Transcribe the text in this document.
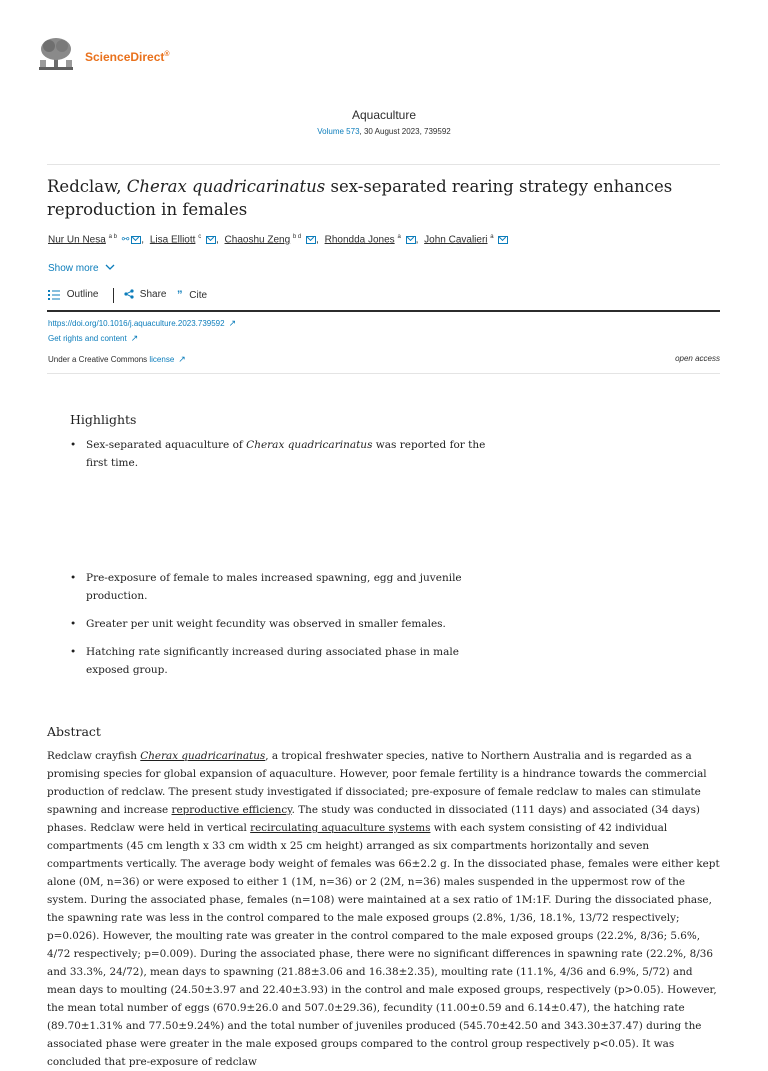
ScienceDirect®
Aquaculture
Volume 573, 30 August 2023, 739592
Redclaw, Cherax quadricarinatus sex-separated rearing strategy enhances reproduction in females
Nur Un Nesa $^{a b}$ ⚯ , Lisa Elliott $^c$ , Chaoshu Zeng $^{b d}$ , Rhondda Jones $^a$ , John Cavalieri $^a$
Show more
Outline	Share ” Cite
https://doi.org/10.1016/j.aquaculture.2023.739592 ↗
Get rights and content ↗
Under a Creative Commons license ↗	open access
Highlights
• Sex-separated aquaculture of Cherax quadricarinatus was reported for the first time.
• Pre-exposure of female to males increased spawning, egg and juvenile production.
• Greater per unit weight fecundity was observed in smaller females.
• Hatching rate significantly increased during associated phase in male exposed group.
Abstract
Redclaw crayfish Cherax quadricarinatus, a tropical freshwater species, native to Northern Australia and is regarded as a promising species for global expansion of aquaculture. However, poor female fertility is a hindrance towards the commercial production of redclaw. The present study investigated if dissociated; pre-exposure of female redclaw to males can stimulate spawning and increase reproductive efficiency. The study was conducted in dissociated (111 days) and associated (34 days) phases. Redclaw were held in vertical recirculating aquaculture systems with each system consisting of 42 individual compartments (45 cm length x 33 cm width x 25 cm height) arranged as six compartments horizontally and seven compartments vertically. The average body weight of females was 66±2.2 g. In the dissociated phase, females were either kept alone (0M, n=36) or were exposed to either 1 (1M, n=36) or 2 (2M, n=36) males suspended in the uppermost row of the system. During the associated phase, females (n=108) were maintained at a sex ratio of 1M:1F. During the dissociated phase, the spawning rate was less in the control compared to the male exposed groups (2.8%, 1/36, 18.1%, 13/72 respectively; p=0.026). However, the moulting rate was greater in the control compared to the male exposed groups (22.2%, 8/36; 5.6%, 4/72 respectively; p=0.009). During the associated phase, there were no significant differences in spawning rate (22.2%, 8/36 and 33.3%, 24/72), mean days to spawning (21.88±3.06 and 16.38±2.35), moulting rate (11.1%, 4/36 and 6.9%, 5/72) and mean days to moulting (24.50±3.97 and 22.40±3.93) in the control and male exposed groups, respectively (p>0.05). However, the mean total number of eggs (670.9±26.0 and 507.0±29.36), fecundity (11.00±0.59 and 6.14±0.47), the hatching rate (89.70±1.31% and 77.50±9.24%) and the total number of juveniles produced (545.70±42.50 and 343.30±37.47) during the associated phase were greater in the male exposed groups compared to the control group respectively p<0.05). It was concluded that pre-exposure of redclaw
